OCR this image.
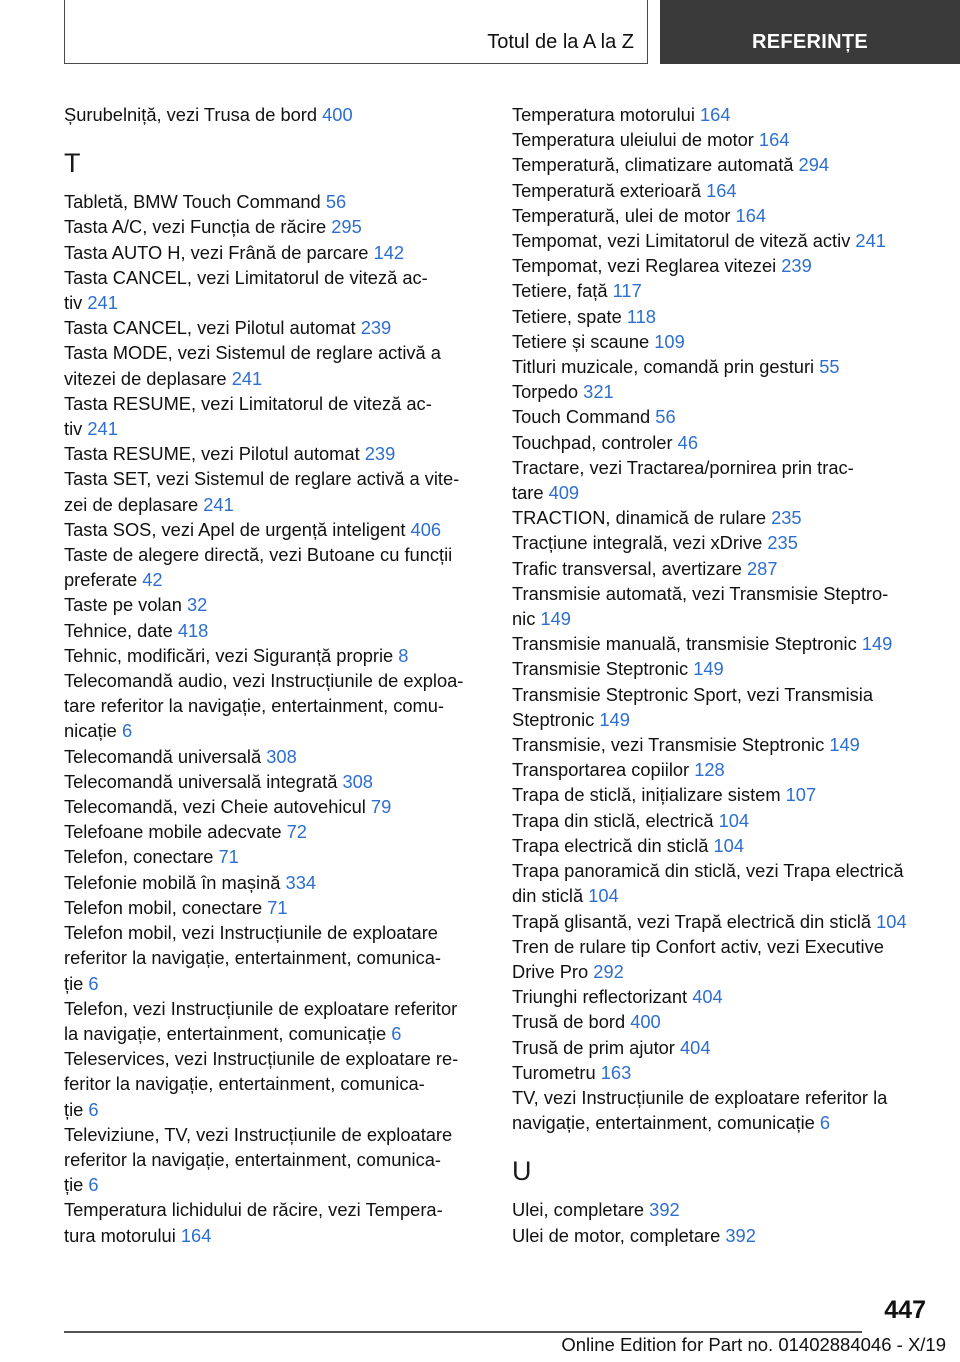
Totul de la A la Z	REFERINȚE
Șurubelniță, vezi Trusa de bord 400
T
Tabletă, BMW Touch Command 56
Tasta A/C, vezi Funcția de răcire 295
Tasta AUTO H, vezi Frână de parcare 142
Tasta CANCEL, vezi Limitatorul de viteză ac-
tiv 241
Tasta CANCEL, vezi Pilotul automat 239
Tasta MODE, vezi Sistemul de reglare activă a
vitezei de deplasare 241
Tasta RESUME, vezi Limitatorul de viteză ac-
tiv 241
Tasta RESUME, vezi Pilotul automat 239
Tasta SET, vezi Sistemul de reglare activă a vite-
zei de deplasare 241
Tasta SOS, vezi Apel de urgență inteligent 406
Taste de alegere directă, vezi Butoane cu funcții
preferate 42
Taste pe volan 32
Tehnice, date 418
Tehnic, modificări, vezi Siguranță proprie 8
Telecomandă audio, vezi Instrucțiunile de exploa-
tare referitor la navigație, entertainment, comu-
nicație 6
Telecomandă universală 308
Telecomandă universală integrată 308
Telecomandă, vezi Cheie autovehicul 79
Telefoane mobile adecvate 72
Telefon, conectare 71
Telefonie mobilă în mașină 334
Telefon mobil, conectare 71
Telefon mobil, vezi Instrucțiunile de exploatare
referitor la navigație, entertainment, comunica-
ție 6
Telefon, vezi Instrucțiunile de exploatare referitor
la navigație, entertainment, comunicație 6
Teleservices, vezi Instrucțiunile de exploatare re-
feritor la navigație, entertainment, comunica-
ție 6
Televiziune, TV, vezi Instrucțiunile de exploatare
referitor la navigație, entertainment, comunica-
ție 6
Temperatura lichidului de răcire, vezi Tempera-
tura motorului 164
Temperatura motorului 164
Temperatura uleiului de motor 164
Temperatură, climatizare automată 294
Temperatură exterioară 164
Temperatură, ulei de motor 164
Tempomat, vezi Limitatorul de viteză activ 241
Tempomat, vezi Reglarea vitezei 239
Tetiere, față 117
Tetiere, spate 118
Tetiere și scaune 109
Titluri muzicale, comandă prin gesturi 55
Torpedo 321
Touch Command 56
Touchpad, controler 46
Tractare, vezi Tractarea/pornirea prin trac-
tare 409
TRACTION, dinamică de rulare 235
Tracțiune integrală, vezi xDrive 235
Trafic transversal, avertizare 287
Transmisie automată, vezi Transmisie Steptro-
nic 149
Transmisie manuală, transmisie Steptronic 149
Transmisie Steptronic 149
Transmisie Steptronic Sport, vezi Transmisia
Steptronic 149
Transmisie, vezi Transmisie Steptronic 149
Transportarea copiilor 128
Trapa de sticlă, inițializare sistem 107
Trapa din sticlă, electrică 104
Trapa electrică din sticlă 104
Trapa panoramică din sticlă, vezi Trapa electrică
din sticlă 104
Trapă glisantă, vezi Trapă electrică din sticlă 104
Tren de rulare tip Confort activ, vezi Executive
Drive Pro 292
Triunghi reflectorizant 404
Trusă de bord 400
Trusă de prim ajutor 404
Turometru 163
TV, vezi Instrucțiunile de exploatare referitor la
navigație, entertainment, comunicație 6
U
Ulei, completare 392
Ulei de motor, completare 392
447
Online Edition for Part no. 01402884046 - X/19
